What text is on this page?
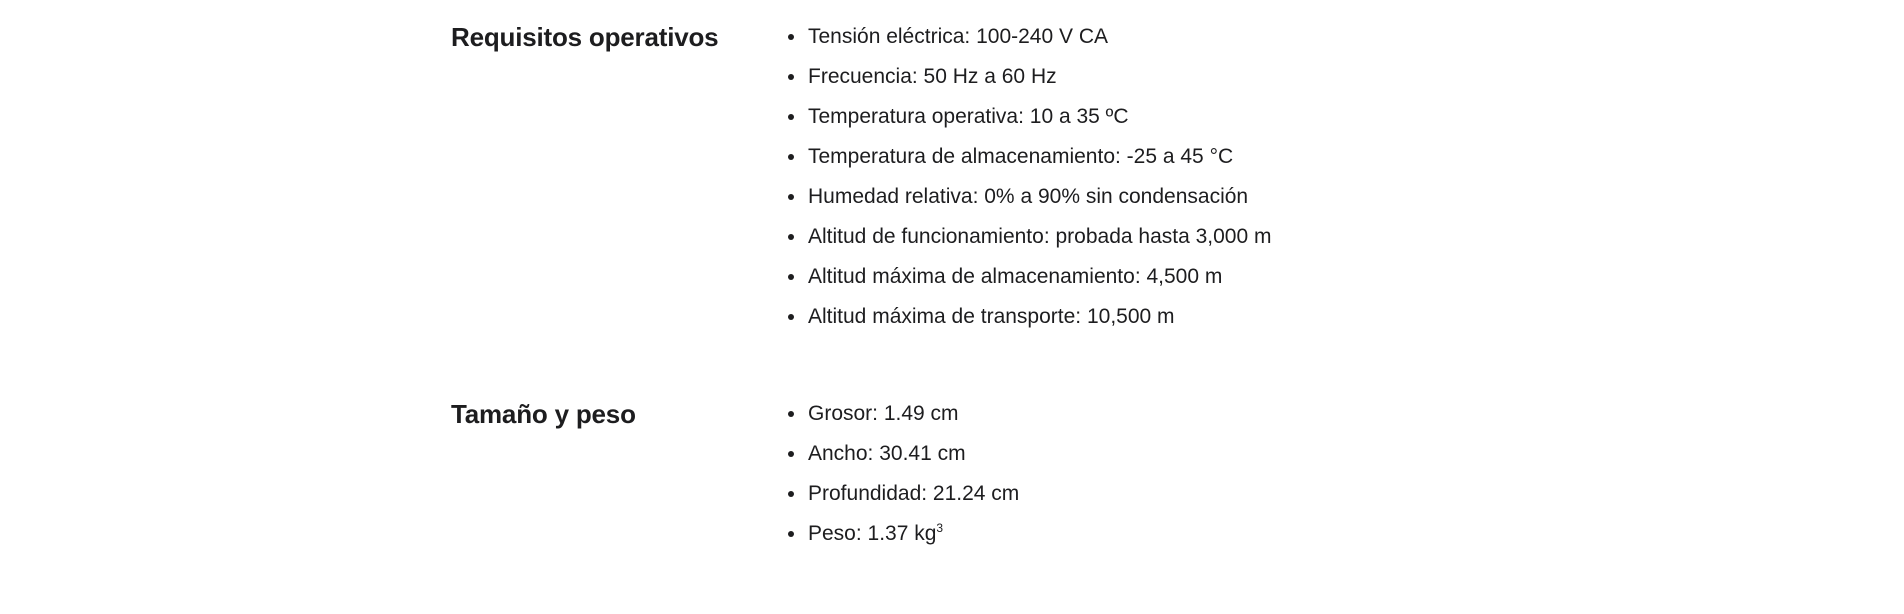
Requisitos operativos	Tensión eléctrica: 100-240 V CA
Frecuencia: 50 Hz a 60 Hz
Temperatura operativa: 10 a 35 ºC
Temperatura de almacenamiento: -25 a 45 °C
Humedad relativa: 0% a 90% sin condensación
Altitud de funcionamiento: probada hasta 3,000 m
Altitud máxima de almacenamiento: 4,500 m
Altitud máxima de transporte: 10,500 m
Tamaño y peso	Grosor: 1.49 cm
Ancho: 30.41 cm
Profundidad: 21.24 cm
Peso: 1.37 $kg^3$
